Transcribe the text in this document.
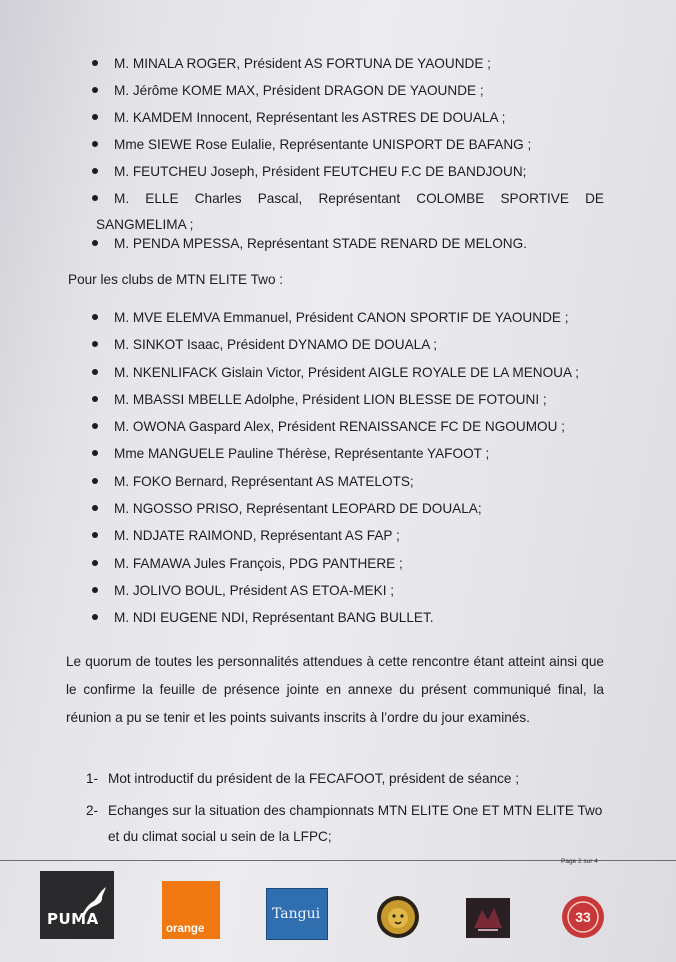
M. MINALA ROGER, Président AS FORTUNA DE YAOUNDE ;
M. Jérôme KOME MAX, Président DRAGON DE YAOUNDE ;
M. KAMDEM Innocent, Représentant les ASTRES DE DOUALA ;
Mme SIEWE Rose Eulalie, Représentante UNISPORT DE BAFANG ;
M. FEUTCHEU Joseph, Président FEUTCHEU F.C DE BANDJOUN;
M. ELLE Charles Pascal, Représentant COLOMBE SPORTIVE DE
SANGMELIMA ;
M. PENDA MPESSA, Représentant STADE RENARD DE MELONG.
Pour les clubs de MTN ELITE Two :
M. MVE ELEMVA Emmanuel, Président CANON SPORTIF DE YAOUNDE ;
M. SINKOT Isaac, Président DYNAMO DE DOUALA ;
M. NKENLIFACK Gislain Victor, Président AIGLE ROYALE DE LA MENOUA ;
M. MBASSI MBELLE Adolphe, Président LION BLESSE DE FOTOUNI ;
M. OWONA Gaspard Alex, Président RENAISSANCE FC DE NGOUMOU ;
Mme MANGUELE Pauline Thérèse, Représentante YAFOOT ;
M. FOKO Bernard, Représentant AS MATELOTS;
M. NGOSSO PRISO, Représentant LEOPARD DE DOUALA;
M. NDJATE RAIMOND, Représentant AS FAP ;
M. FAMAWA Jules François, PDG PANTHERE ;
M. JOLIVO BOUL, Président AS ETOA-MEKI ;
M. NDI EUGENE NDI, Représentant BANG BULLET.

Le quorum de toutes les personnalités attendues à cette rencontre étant atteint ainsi que le confirme la feuille de présence jointe en annexe du présent communiqué final, la réunion a pu se tenir et les points suivants inscrits à l’ordre du jour examinés.

1- Mot introductif du président de la FECAFOOT, président de séance ;
2- Echanges sur la situation des championnats MTN ELITE One ET MTN ELITE Two et du climat social u sein de la LFPC;
Page 2 sur 4
PUMA
orange
Tangui	33
